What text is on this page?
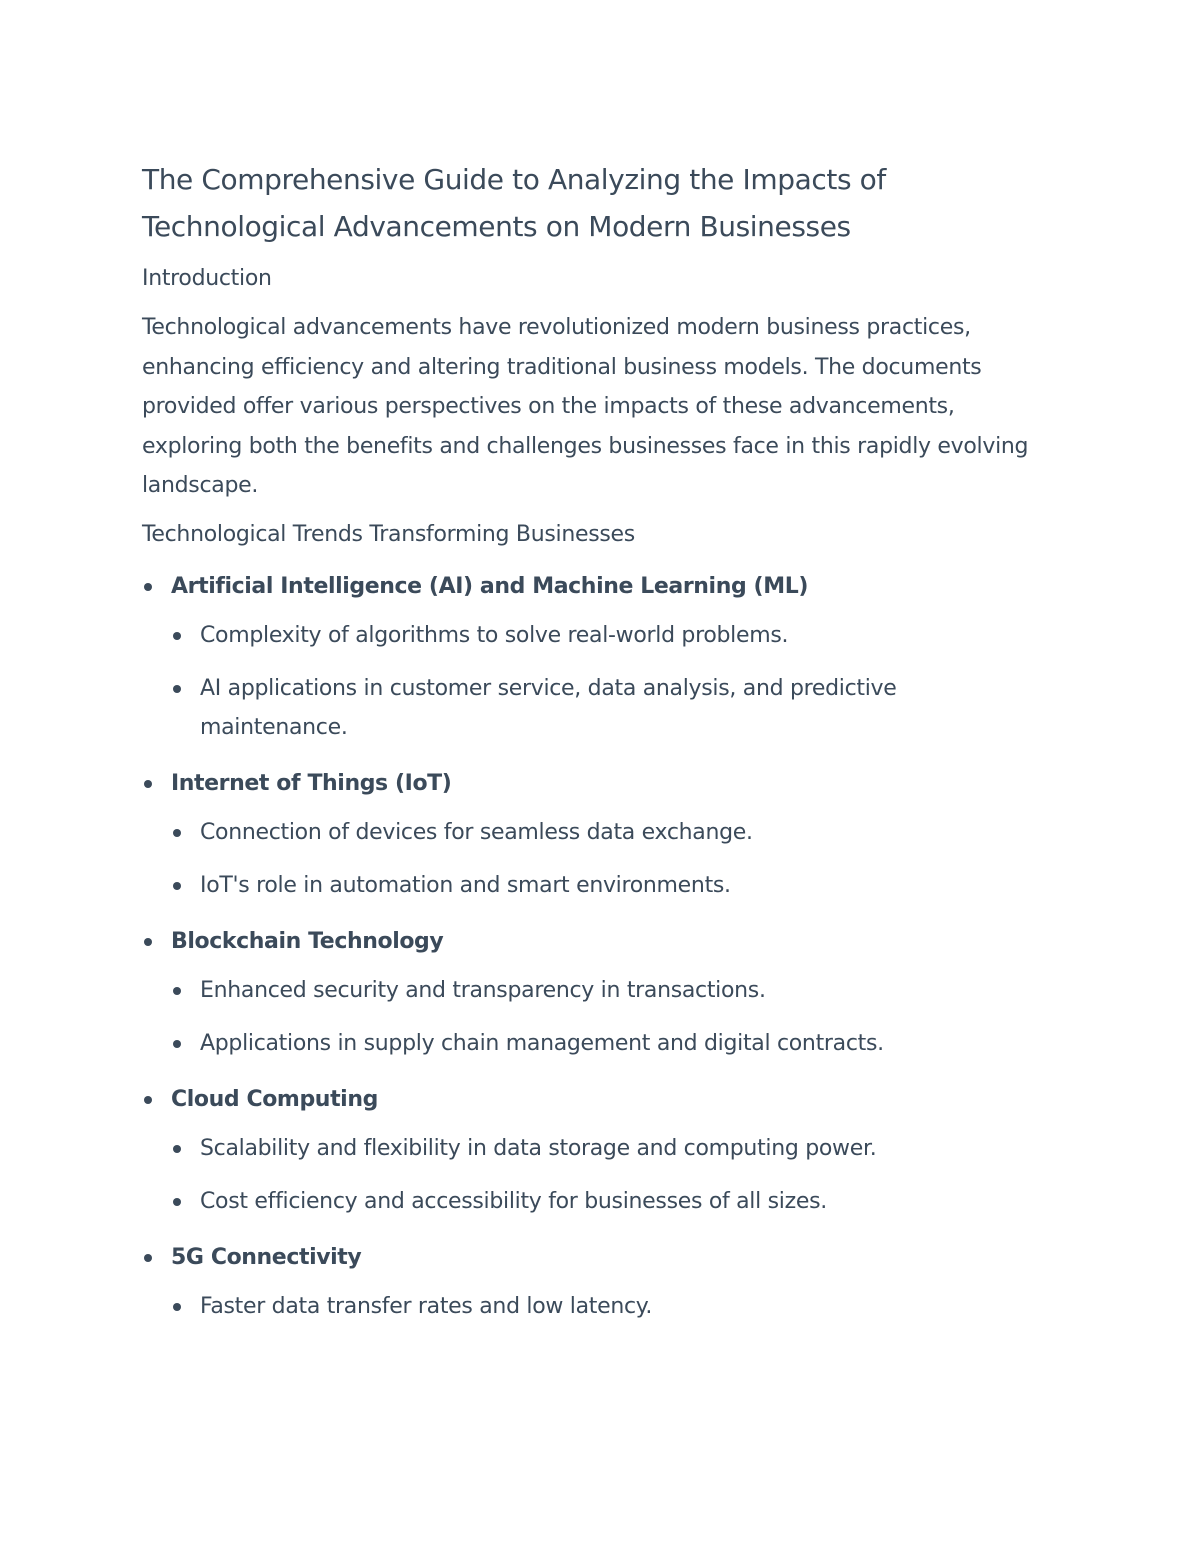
The Comprehensive Guide to Analyzing the Impacts of Technological Advancements on Modern Businesses
Introduction

Technological advancements have revolutionized modern business practices, enhancing efficiency and altering traditional business models. The documents provided offer various perspectives on the impacts of these advancements, exploring both the benefits and challenges businesses face in this rapidly evolving landscape.

Technological Trends Transforming Businesses
Artificial Intelligence (AI) and Machine Learning (ML)
Complexity of algorithms to solve real-world problems.
AI applications in customer service, data analysis, and predictive maintenance.
Internet of Things (IoT)
Connection of devices for seamless data exchange.
IoT's role in automation and smart environments.
Blockchain Technology
Enhanced security and transparency in transactions.
Applications in supply chain management and digital contracts.
Cloud Computing
Scalability and flexibility in data storage and computing power.
Cost efficiency and accessibility for businesses of all sizes.
5G Connectivity
Faster data transfer rates and low latency.
